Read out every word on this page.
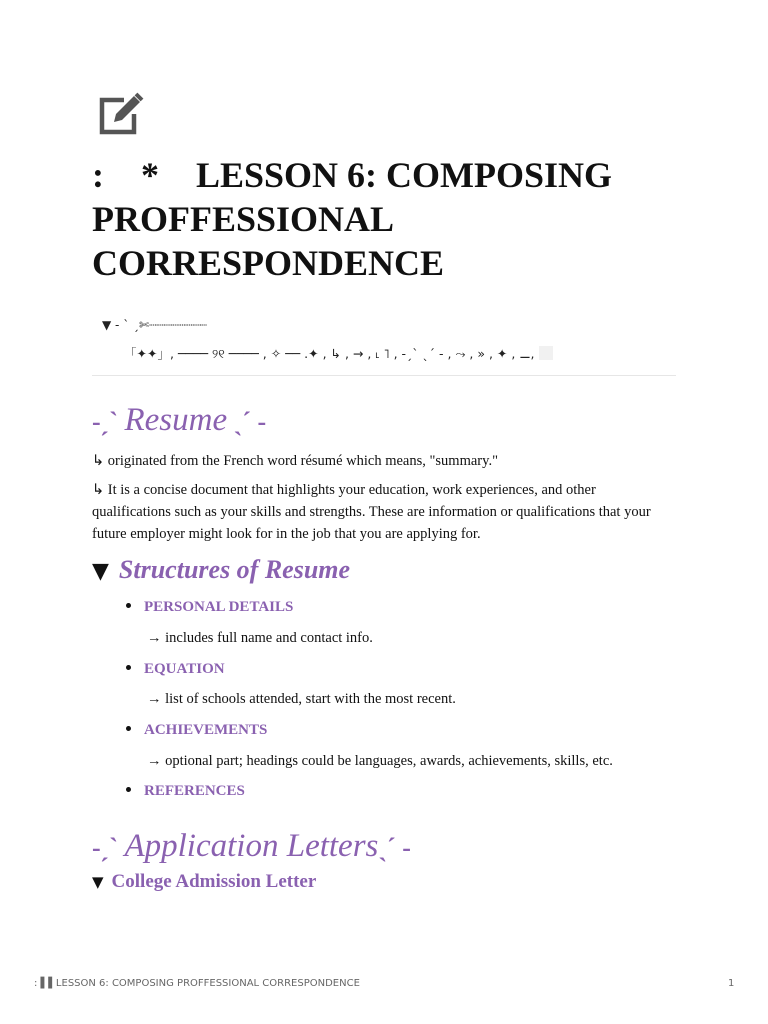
: ﾟ*✧ LESSON 6: COMPOSING PROFFESSIONAL CORRESPONDENCE
▼ - ˋ ˏ✄┈┈┈┈┈┈┈┈
「✦✦」, ──── ୨୧ ──── , ✧ ── .✦ , ↳ , → , ˪ ˥ , -ˏˋ ˎˊ - , ⤳ , » , ✦ , ⚊,
-ˏˋ Resume ˎˊ -

↳ originated from the French word résumé which means, "summary."

↳ It is a concise document that highlights your education, work experiences, and other qualifications such as your skills and strengths. These are information or qualifications that your future employer might look for in the job that you are applying for.

▼ Structures of Resume
PERSONAL DETAILS
→ includes full name and contact info.
EQUATION
→ list of schools attended, start with the most recent.
ACHIEVEMENTS
→ optional part; headings could be languages, awards, achievements, skills, etc.
REFERENCES
-ˏˋ Application Lettersˎˊ -
▼ College Admission Letter
: ▌▌LESSON 6: COMPOSING PROFFESSIONAL CORRESPONDENCE	1
